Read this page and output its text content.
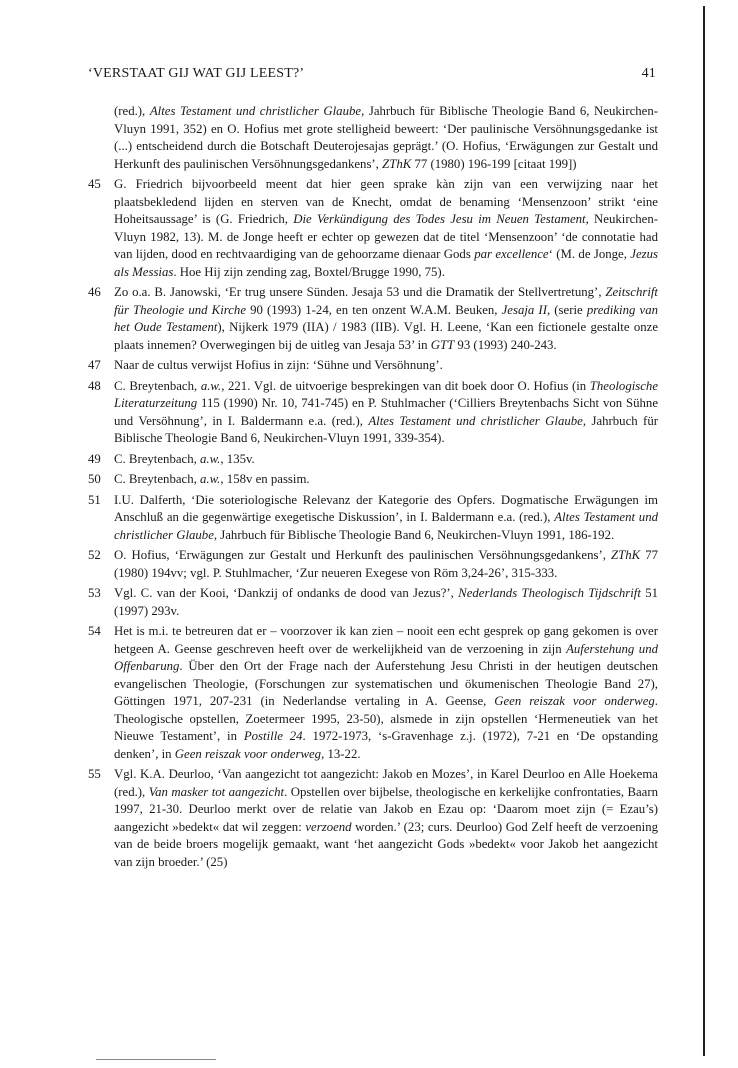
‘VERSTAAT GIJ WAT GIJ LEEST?’	41
(red.), Altes Testament und christlicher Glaube, Jahrbuch für Biblische Theologie Band 6, Neukirchen-Vluyn 1991, 352) en O. Hofius met grote stelligheid beweert: ‘Der paulinische Versöhnungsgedanke ist (...) entscheidend durch die Botschaft Deuterojesajas geprägt.’ (O. Hofius, ‘Erwägungen zur Gestalt und Herkunft des paulinischen Versöhnungsgedankens’, ZThK 77 (1980) 196-199 [citaat 199])
45	G. Friedrich bijvoorbeeld meent dat hier geen sprake kàn zijn van een verwijzing naar het plaatsbekledend lijden en sterven van de Knecht, omdat de benaming ‘Mensenzoon’ strikt ‘eine Hoheitsaussage’ is (G. Friedrich, Die Verkündigung des Todes Jesu im Neuen Testament, Neukirchen-Vluyn 1982, 13). M. de Jonge heeft er echter op gewezen dat de titel ‘Mensenzoon’ ‘de connotatie had van lijden, dood en rechtvaardiging van de gehoorzame dienaar Gods par excellence‘ (M. de Jonge, Jezus als Messias. Hoe Hij zijn zending zag, Boxtel/Brugge 1990, 75).
46	Zo o.a. B. Janowski, ‘Er trug unsere Sünden. Jesaja 53 und die Dramatik der Stellvertretung’, Zeitschrift für Theologie und Kirche 90 (1993) 1-24, en ten onzent W.A.M. Beuken, Jesaja II, (serie prediking van het Oude Testament), Nijkerk 1979 (IIA) / 1983 (IIB). Vgl. H. Leene, ‘Kan een fictionele gestalte onze plaats innemen? Overwegingen bij de uitleg van Jesaja 53’ in GTT 93 (1993) 240-243.
47	Naar de cultus verwijst Hofius in zijn: ‘Sühne und Versöhnung’.
48	C. Breytenbach, a.w., 221. Vgl. de uitvoerige besprekingen van dit boek door O. Hofius (in Theologische Literaturzeitung 115 (1990) Nr. 10, 741-745) en P. Stuhlmacher (‘Cilliers Breytenbachs Sicht von Sühne und Versöhnung’, in I. Baldermann e.a. (red.), Altes Testament und christlicher Glaube, Jahrbuch für Biblische Theologie Band 6, Neukirchen-Vluyn 1991, 339-354).
49	C. Breytenbach, a.w., 135v.
50	C. Breytenbach, a.w., 158v en passim.
51	I.U. Dalferth, ‘Die soteriologische Relevanz der Kategorie des Opfers. Dogmatische Erwägungen im Anschluß an die gegenwärtige exegetische Diskussion’, in I. Baldermann e.a. (red.), Altes Testament und christlicher Glaube, Jahrbuch für Biblische Theologie Band 6, Neukirchen-Vluyn 1991, 186-192.
52	O. Hofius, ‘Erwägungen zur Gestalt und Herkunft des paulinischen Versöhnungsgedankens’, ZThK 77 (1980) 194vv; vgl. P. Stuhlmacher, ‘Zur neueren Exegese von Röm 3,24-26’, 315-333.
53	Vgl. C. van der Kooi, ‘Dankzij of ondanks de dood van Jezus?’, Nederlands Theologisch Tijdschrift 51 (1997) 293v.
54	Het is m.i. te betreuren dat er – voorzover ik kan zien – nooit een echt gesprek op gang gekomen is over hetgeen A. Geense geschreven heeft over de werkelijkheid van de verzoening in zijn Auferstehung und Offenbarung. Über den Ort der Frage nach der Auferstehung Jesu Christi in der heutigen deutschen evangelischen Theologie, (Forschungen zur systematischen und ökumenischen Theologie Band 27), Göttingen 1971, 207-231 (in Nederlandse vertaling in A. Geense, Geen reiszak voor onderweg. Theologische opstellen, Zoetermeer 1995, 23-50), alsmede in zijn opstellen ‘Hermeneutiek van het Nieuwe Testament’, in Postille 24. 1972-1973, ‘s-Gravenhage z.j. (1972), 7-21 en ‘De opstanding denken’, in Geen reiszak voor onderweg, 13-22.
55	Vgl. K.A. Deurloo, ‘Van aangezicht tot aangezicht: Jakob en Mozes’, in Karel Deurloo en Alle Hoekema (red.), Van masker tot aangezicht. Opstellen over bijbelse, theologische en kerkelijke confrontaties, Baarn 1997, 21-30. Deurloo merkt over de relatie van Jakob en Ezau op: ‘Daarom moet zijn (= Ezau’s) aangezicht »bedekt« dat wil zeggen: verzoend worden.’ (23; curs. Deurloo) God Zelf heeft de verzoening van de beide broers mogelijk gemaakt, want ‘het aangezicht Gods »bedekt« voor Jakob het aangezicht van zijn broeder.’ (25)
